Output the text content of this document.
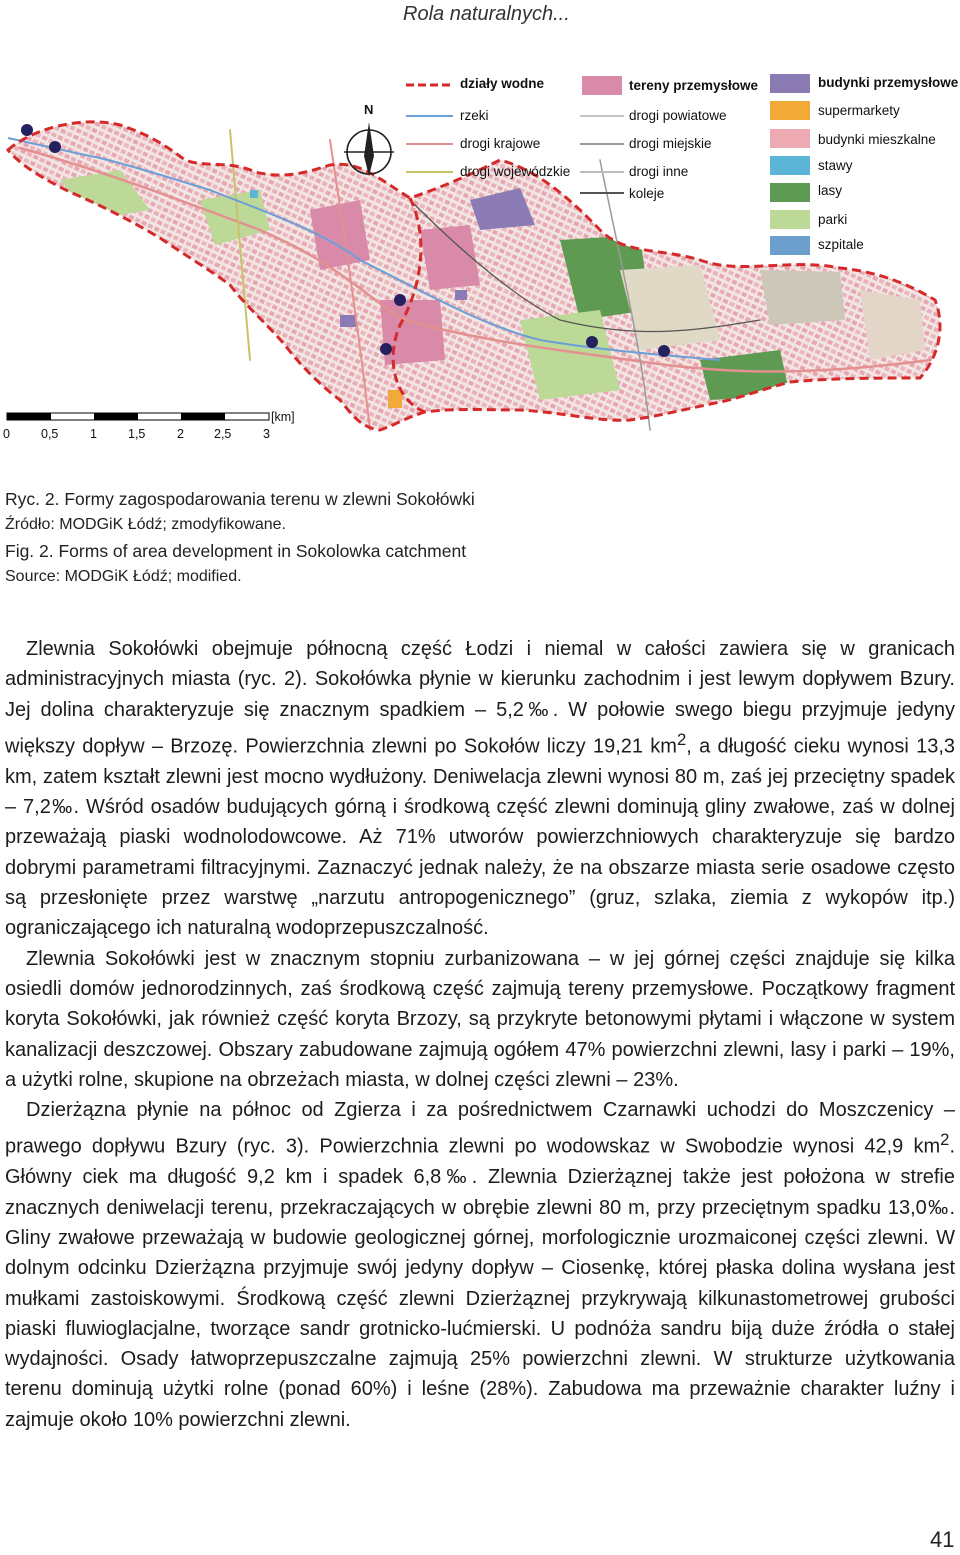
Rola naturalnych...
działy wodne
rzeki
drogi krajowe
drogi wojewódzkie
tereny przemysłowe
drogi powiatowe
drogi miejskie
drogi inne
koleje
budynki przemysłowe
supermarkety
budynki mieszkalne
stawy
lasy
parki
szpitale
N
0 0,5	1 1,5	2 2,5	3
[km]
Ryc. 2. Formy zagospodarowania terenu w zlewni Sokołówki
Źródło: MODGiK Łódź; zmodyfikowane.
Fig. 2. Forms of area development in Sokolowka catchment
Source: MODGiK Łódź; modified.

Zlewnia Sokołówki obejmuje północną część Łodzi i niemal w całości zawiera się w granicach administracyjnych miasta (ryc. 2). Sokołówka płynie w kierunku zachodnim i jest lewym dopływem Bzury. Jej dolina charakteryzuje się znacznym spadkiem – 5,2‰. W połowie swego biegu przyjmuje jedyny większy dopływ – Brzozę. Powierzchnia zlewni po Sokołów liczy 19,21 $km^2$, a długość cieku wynosi 13,3 km, zatem kształt zlewni jest mocno wydłużony. Deniwelacja zlewni wynosi 80 m, zaś jej przeciętny spadek – 7,2‰. Wśród osadów budujących górną i środkową część zlewni dominują gliny zwałowe, zaś w dolnej przeważają piaski wodnolodowcowe. Aż 71% utworów powierzchniowych charakteryzuje się bardzo dobrymi parametrami filtracyjnymi. Zaznaczyć jednak należy, że na obszarze miasta serie osadowe często są przesłonięte przez warstwę „narzutu antropogenicznego” (gruz, szlaka, ziemia z wykopów itp.) ograniczającego ich naturalną wodoprzepuszczalność.

Zlewnia Sokołówki jest w znacznym stopniu zurbanizowana – w jej górnej części znajduje się kilka osiedli domów jednorodzinnych, zaś środkową część zajmują tereny przemysłowe. Początkowy fragment koryta Sokołówki, jak również część koryta Brzozy, są przykryte betonowymi płytami i włączone w system kanalizacji deszczowej. Obszary zabudowane zajmują ogółem 47% powierzchni zlewni, lasy i parki – 19%, a użytki rolne, skupione na obrzeżach miasta, w dolnej części zlewni – 23%.

Dzierżązna płynie na północ od Zgierza i za pośrednictwem Czarnawki uchodzi do Moszczenicy – prawego dopływu Bzury (ryc. 3). Powierzchnia zlewni po wodowskaz w Swobodzie wynosi 42,9 $km^2$. Główny ciek ma długość 9,2 km i spadek 6,8‰. Zlewnia Dzierżąznej także jest położona w strefie znacznych deniwelacji terenu, przekraczających w obrębie zlewni 80 m, przy przeciętnym spadku 13,0‰. Gliny zwałowe przeważają w budowie geologicznej górnej, morfologicznie urozmaiconej części zlewni. W dolnym odcinku Dzierżązna przyjmuje swój jedyny dopływ – Ciosenkę, której płaska dolina wysłana jest mułkami zastoiskowymi. Środkową część zlewni Dzierżąznej przykrywają kilkunastometrowej grubości piaski fluwioglacjalne, tworzące sandr grotnicko-lućmierski. U podnóża sandru biją duże źródła o stałej wydajności. Osady łatwoprzepuszczalne zajmują 25% powierzchni zlewni. W strukturze użytkowania terenu dominują użytki rolne (ponad 60%) i leśne (28%). Zabudowa ma przeważnie charakter luźny i zajmuje około 10% powierzchni zlewni.

41
